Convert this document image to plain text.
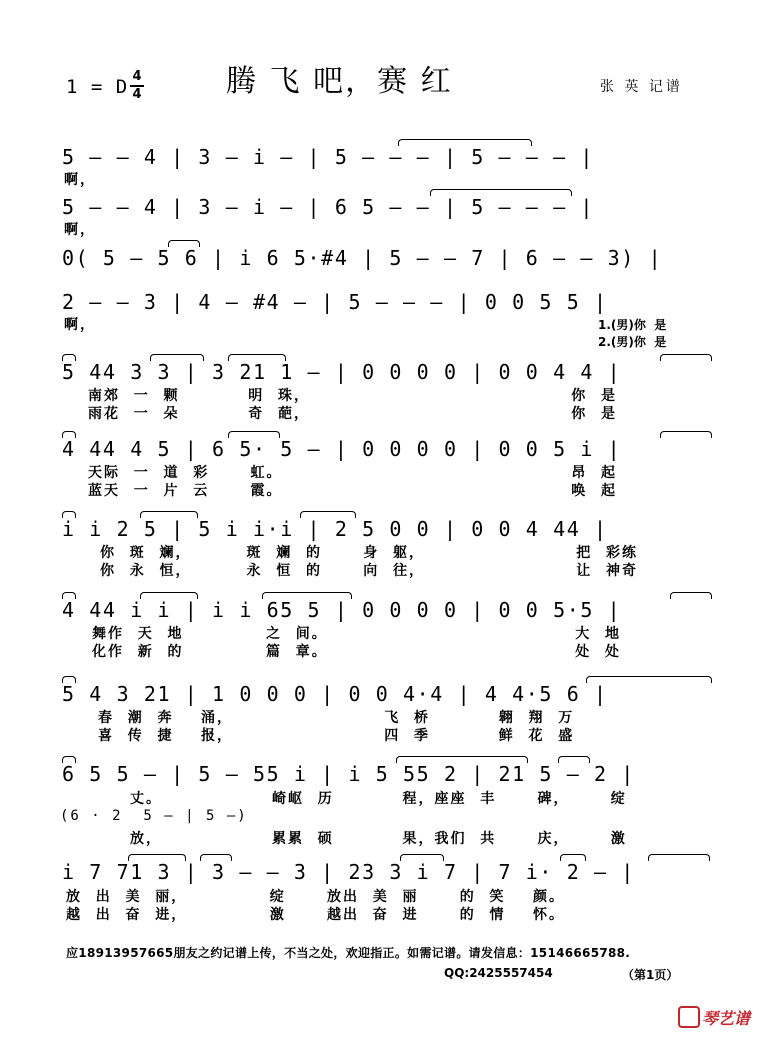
1 = D 4
4	腾 飞 吧，赛 红	张 英 记谱
5 – – 4 | 3 – i – | 5 – – – | 5 – – – |
啊，
5 – – 4 | 3 – i – | 6 5 – – | 5 – – – |
啊，
0( 5 – 5 6 | i 6 5·#4 | 5 – – 7 | 6 – – 3) |
2 – – 3 | 4 – #4 – | 5 – – – | 0 0 5 5 |
啊，	1.(男)你  是
2.(男)你  是
5 44 3 3 | 3 21 1 – | 0 0 0 0 | 0 0 4 4 |
南郊  一  颗          明  珠，                                      你  是
雨花  一  朵          奇  葩，                                      你  是
4 44 4 5 | 6 5· 5 – | 0 0 0 0 | 0 0 5 i |
天际  一  道  彩      虹。                                          昂  起
蓝天  一  片  云      霞。                                          唤  起
i i 2 5 | 5 i i·i | 2 5 0 0 | 0 0 4 44 |
你  斑  斓，        斑  斓  的      身  躯，                      把  彩练
你  永  恒，        永  恒  的      向  往，                      让  神奇
4 44 i i | i i 65 5 | 0 0 0 0 | 0 0 5·5 |
舞作  天  地            之  间。                                    大  地
化作  新  的            篇  章。                                    处  处
5 4 3 21 | 1 0 0 0 | 0 0 4·4 | 4 4·5 6 |
春  潮  奔    涌，                      飞  桥          翱  翔  万
喜  传  捷    报，                      四  季          鲜  花  盛
6 5 5 – | 5 – 55 i | i 5 55 2 | 21 5 – 2 |
丈。                崎岖  历          程，座座  丰      碑，      绽
(6 · 2  5 – | 5 –)
放，                累累  硕          果，我们  共      庆，      激
i 7 71 3 | 3 – – 3 | 23 3 i 7 | 7 i· 2 – |
放  出  美  丽，            绽      放出  美  丽      的  笑    颜。
越  出  奋  进，            激      越出  奋  进      的  情    怀。
应18913957665朋友之约记谱上传，不当之处，欢迎指正。如需记谱。请发信息：15146665788.
QQ:2425557454	（第1页）
琴艺谱
